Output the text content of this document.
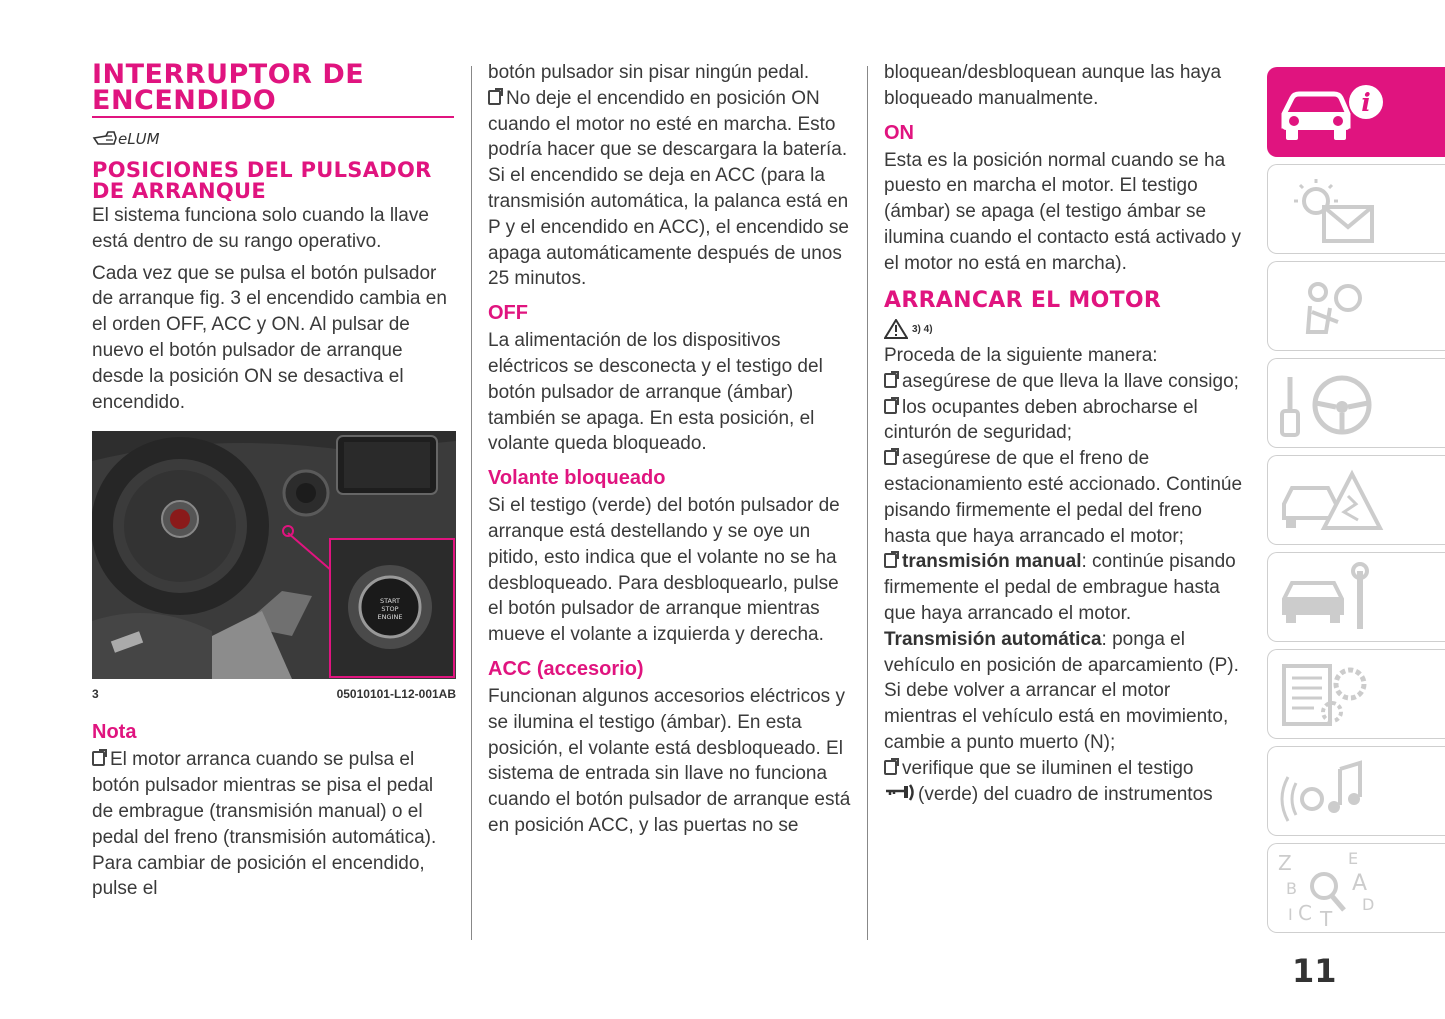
INTERRUPTOR DE ENCENDIDO
eLUM
POSICIONES DEL PULSADOR DE ARRANQUE

El sistema funciona solo cuando la llave está dentro de su rango operativo.

Cada vez que se pulsa el botón pulsador de arranque fig. 3 el encendido cambia en el orden OFF, ACC y ON. Al pulsar de nuevo el botón pulsador de arranque desde la posición ON se desactiva el encendido.

START
STOP
ENGINE
3	05010101-L12-001AB
Nota

El motor arranca cuando se pulsa el botón pulsador mientras se pisa el pedal de embrague (transmisión manual) o el pedal del freno (transmisión automática). Para cambiar de posición el encendido, pulse el

botón pulsador sin pisar ningún pedal.

No deje el encendido en posición ON cuando el motor no esté en marcha. Esto podría hacer que se descargara la batería. Si el encendido se deja en ACC (para la transmisión automática, la palanca está en P y el encendido en ACC), el encendido se apaga automáticamente después de unos 25 minutos.

OFF

La alimentación de los dispositivos eléctricos se desconecta y el testigo del botón pulsador de arranque (ámbar) también se apaga. En esta posición, el volante queda bloqueado.

Volante bloqueado

Si el testigo (verde) del botón pulsador de arranque está destellando y se oye un pitido, esto indica que el volante no se ha desbloqueado. Para desbloquearlo, pulse el botón pulsador de arranque mientras mueve el volante a izquierda y derecha.

ACC (accesorio)

Funcionan algunos accesorios eléctricos y se ilumina el testigo (ámbar). En esta posición, el volante está desbloqueado. El sistema de entrada sin llave no funciona cuando el botón pulsador de arranque está en posición ACC, y las puertas no se

bloquean/desbloquean aunque las haya bloqueado manualmente.

ON

Esta es la posición normal cuando se ha puesto en marcha el motor. El testigo (ámbar) se apaga (el testigo ámbar se ilumina cuando el contacto está activado y el motor no está en marcha).

ARRANCAR EL MOTOR
3) 4)

Proceda de la siguiente manera:

asegúrese de que lleva la llave consigo;

los ocupantes deben abrocharse el cinturón de seguridad;

asegúrese de que el freno de estacionamiento esté accionado. Continúe pisando firmemente el pedal del freno hasta que haya arrancado el motor;

transmisión manual: continúe pisando firmemente el pedal de embrague hasta que haya arrancado el motor. Transmisión automática: ponga el vehículo en posición de aparcamiento (P). Si debe volver a arrancar el motor mientras el vehículo está en movimiento, cambie a punto muerto (N);

verifique que se iluminen el testigo
(verde) del cuadro de instrumentos

i
Z	E
B	A
C T
D
I
11
